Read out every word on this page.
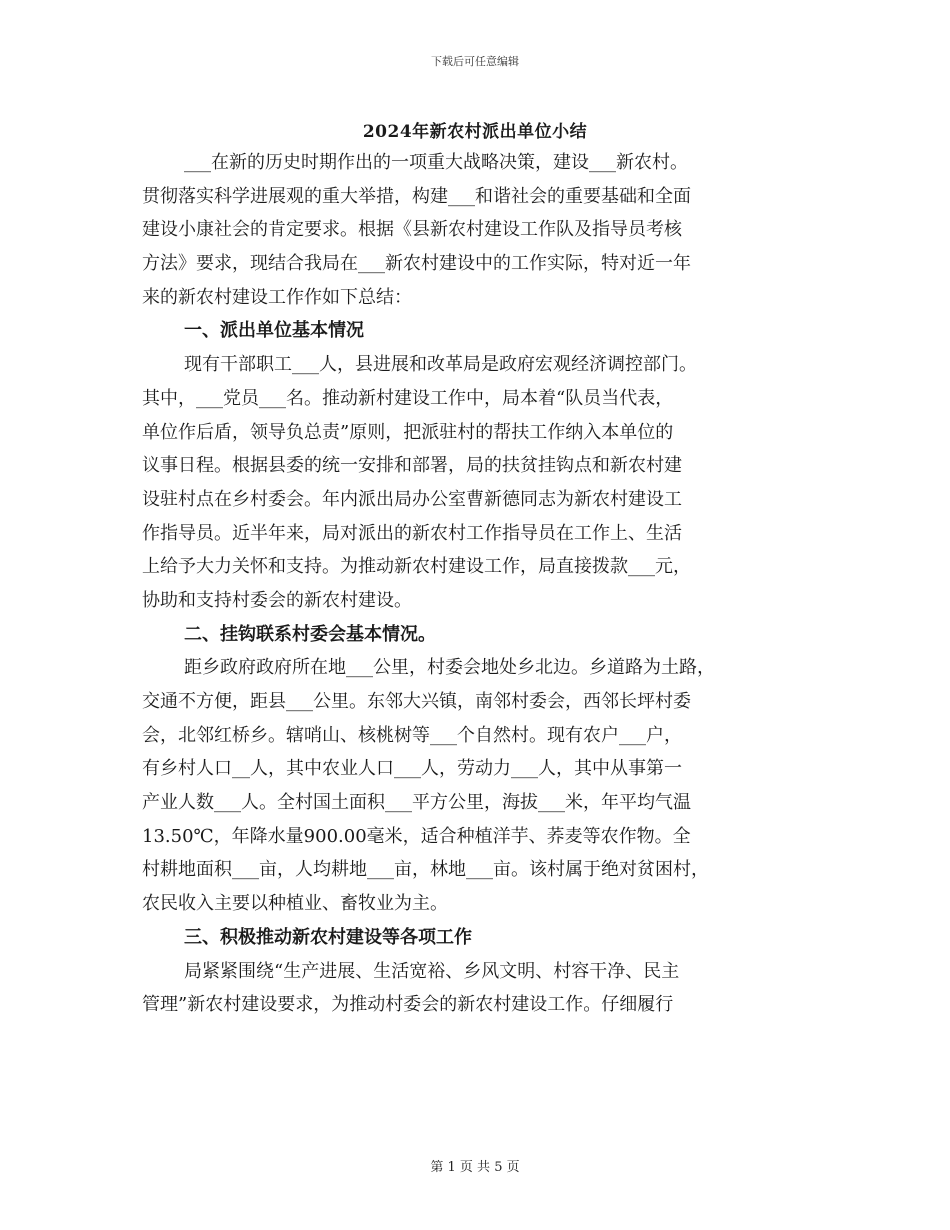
下载后可任意编辑
2024年新农村派出单位小结
___在新的历史时期作出的一项重大战略决策，建设___新农村。
贯彻落实科学进展观的重大举措，构建___和谐社会的重要基础和全面
建设小康社会的肯定要求。根据《县新农村建设工作队及指导员考核
方法》要求，现结合我局在___新农村建设中的工作实际，特对近一年
来的新农村建设工作作如下总结：
一、派出单位基本情况
现有干部职工___人，县进展和改革局是政府宏观经济调控部门。
其中，___党员___名。推动新村建设工作中，局本着“队员当代表，
单位作后盾，领导负总责”原则，把派驻村的帮扶工作纳入本单位的
议事日程。根据县委的统一安排和部署，局的扶贫挂钩点和新农村建
设驻村点在乡村委会。年内派出局办公室曹新德同志为新农村建设工
作指导员。近半年来，局对派出的新农村工作指导员在工作上、生活
上给予大力关怀和支持。为推动新农村建设工作，局直接拨款___元，
协助和支持村委会的新农村建设。
二、挂钩联系村委会基本情况。
距乡政府政府所在地___公里，村委会地处乡北边。乡道路为土路，
交通不方便，距县___公里。东邻大兴镇，南邻村委会，西邻长坪村委
会，北邻红桥乡。辖哨山、核桃树等___个自然村。现有农户___户，
有乡村人口__人，其中农业人口___人，劳动力___人，其中从事第一
产业人数___人。全村国土面积___平方公里，海拔___米，年平均气温
13.50℃，年降水量900.00毫米，适合种植洋芋、荞麦等农作物。全
村耕地面积___亩，人均耕地___亩，林地___亩。该村属于绝对贫困村，
农民收入主要以种植业、畜牧业为主。
三、积极推动新农村建设等各项工作
局紧紧围绕“生产进展、生活宽裕、乡风文明、村容干净、民主
管理”新农村建设要求，为推动村委会的新农村建设工作。仔细履行
第 1 页 共 5 页
